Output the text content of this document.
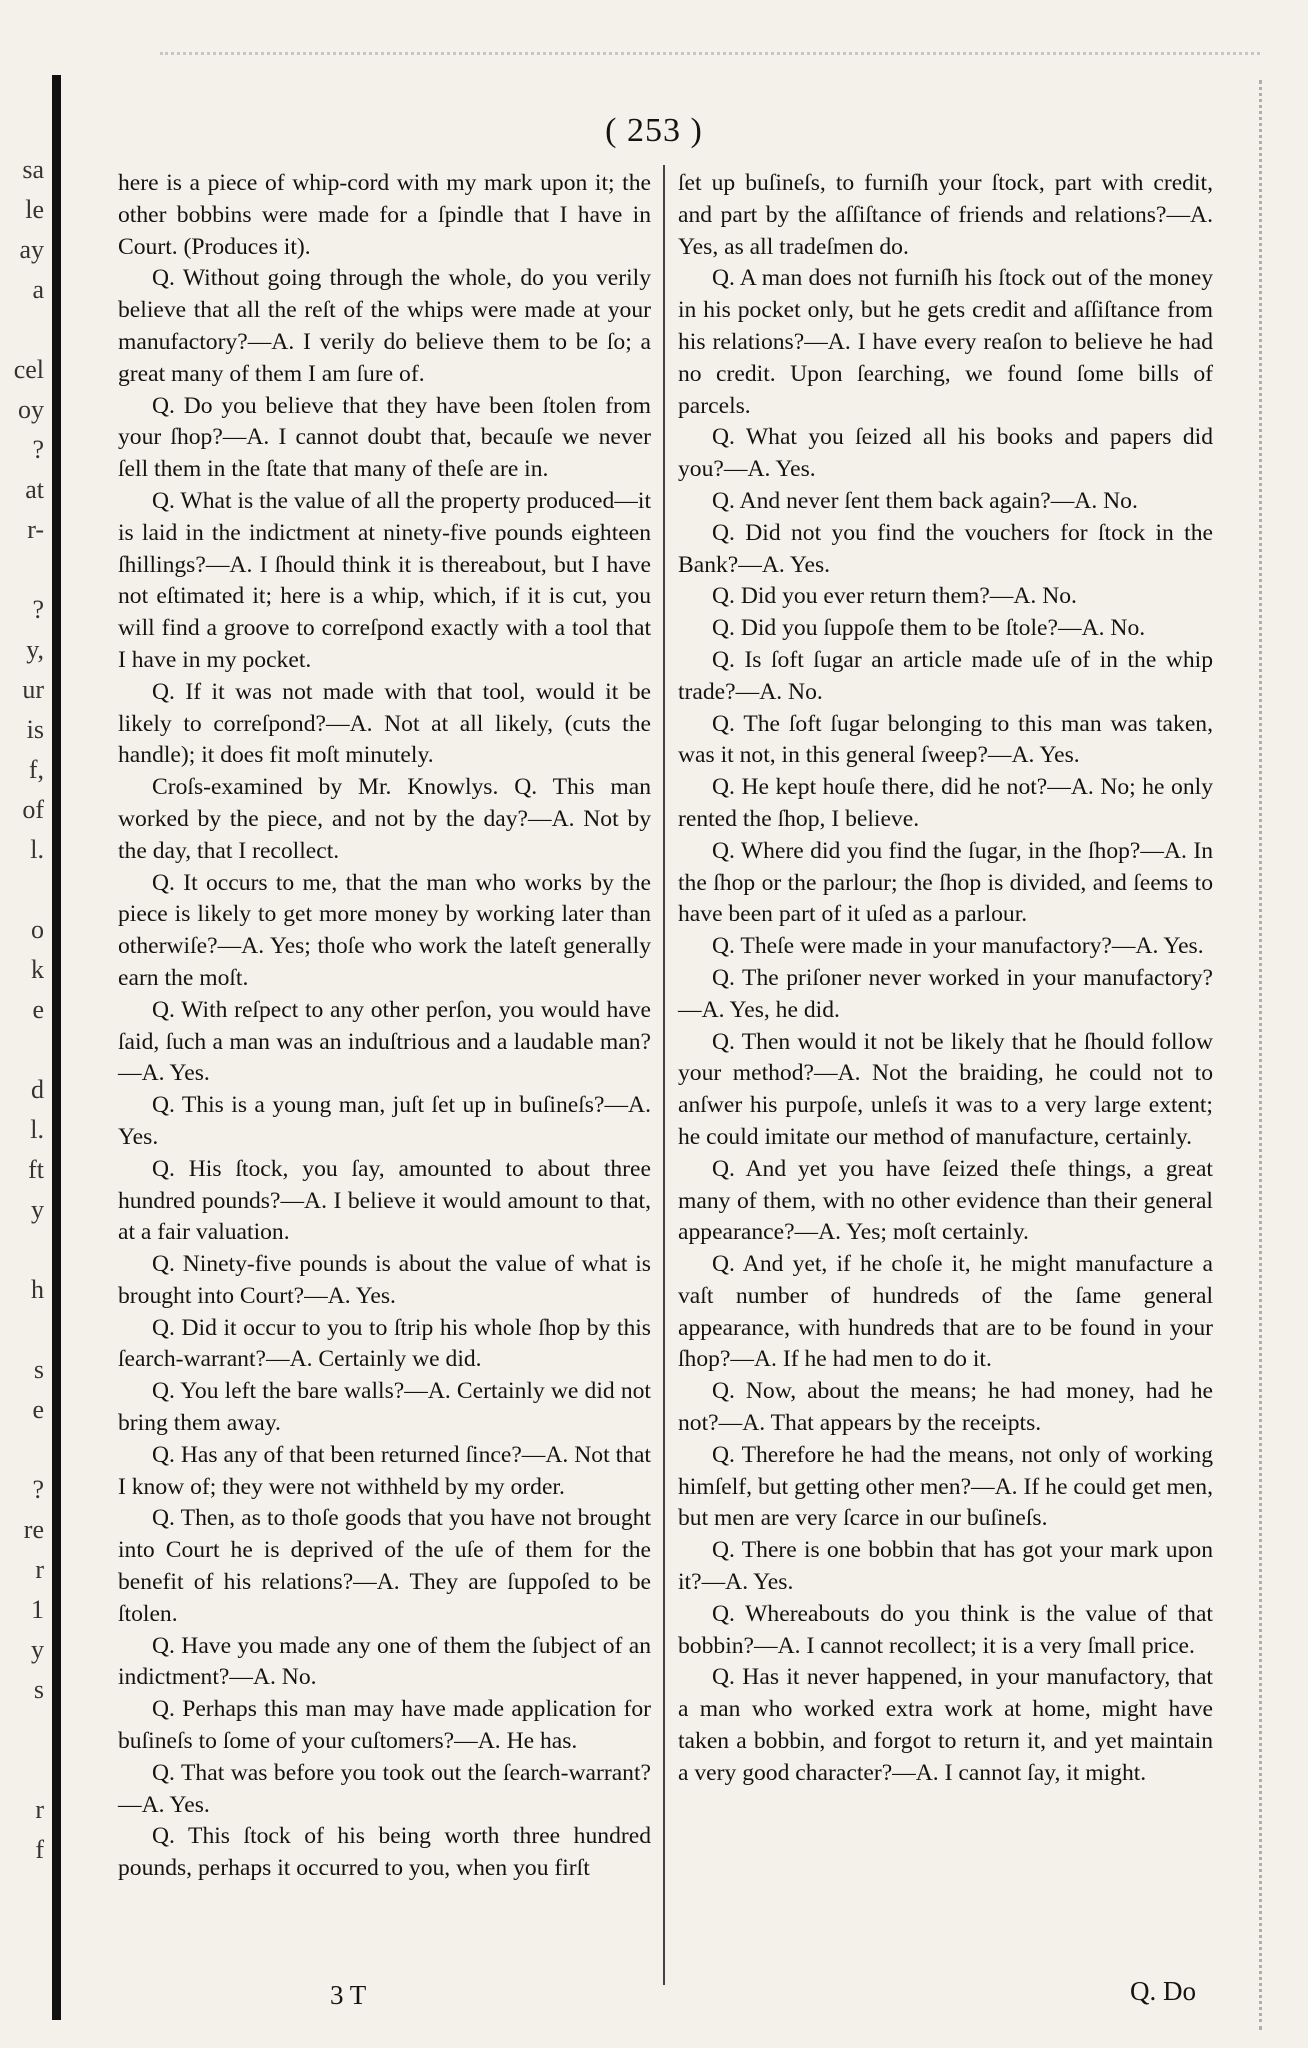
sa
le
ay
a

cel
oy
?
at
r-

?
y,
ur
is
f,
of
l.

o
k
e

d
l.
ft
y

h

s
e

?
re
r
1
y
s

r
f

( 253 )

here is a piece of whip-cord with my mark upon it; the other bobbins were made for a ſpindle that I have in Court. (Produces it).

Q. Without going through the whole, do you verily believe that all the reſt of the whips were made at your manufactory?—A. I verily do believe them to be ſo; a great many of them I am ſure of.

Q. Do you believe that they have been ſtolen from your ſhop?—A. I cannot doubt that, becauſe we never ſell them in the ſtate that many of theſe are in.

Q. What is the value of all the property produced—it is laid in the indictment at ninety-five pounds eighteen ſhillings?—A. I ſhould think it is thereabout, but I have not eſtimated it; here is a whip, which, if it is cut, you will find a groove to correſpond exactly with a tool that I have in my pocket.

Q. If it was not made with that tool, would it be likely to correſpond?—A. Not at all likely, (cuts the handle); it does fit moſt minutely.

Croſs-examined by Mr. Knowlys. Q. This man worked by the piece, and not by the day?—A. Not by the day, that I recollect.

Q. It occurs to me, that the man who works by the piece is likely to get more money by working later than otherwiſe?—A. Yes; thoſe who work the lateſt generally earn the moſt.

Q. With reſpect to any other perſon, you would have ſaid, ſuch a man was an induſtrious and a laudable man?—A. Yes.

Q. This is a young man, juſt ſet up in buſineſs?—A. Yes.

Q. His ſtock, you ſay, amounted to about three hundred pounds?—A. I believe it would amount to that, at a fair valuation.

Q. Ninety-five pounds is about the value of what is brought into Court?—A. Yes.

Q. Did it occur to you to ſtrip his whole ſhop by this ſearch-warrant?—A. Certainly we did.

Q. You left the bare walls?—A. Certainly we did not bring them away.

Q. Has any of that been returned ſince?—A. Not that I know of; they were not withheld by my order.

Q. Then, as to thoſe goods that you have not brought into Court he is deprived of the uſe of them for the benefit of his relations?—A. They are ſuppoſed to be ſtolen.

Q. Have you made any one of them the ſubject of an indictment?—A. No.

Q. Perhaps this man may have made application for buſineſs to ſome of your cuſtomers?—A. He has.

Q. That was before you took out the ſearch-warrant?—A. Yes.

Q. This ſtock of his being worth three hundred pounds, perhaps it occurred to you, when you firſt

ſet up buſineſs, to furniſh your ſtock, part with credit, and part by the aſſiſtance of friends and relations?—A. Yes, as all tradeſmen do.

Q. A man does not furniſh his ſtock out of the money in his pocket only, but he gets credit and aſſiſtance from his relations?—A. I have every reaſon to believe he had no credit. Upon ſearching, we found ſome bills of parcels.

Q. What you ſeized all his books and papers did you?—A. Yes.

Q. And never ſent them back again?—A. No.

Q. Did not you find the vouchers for ſtock in the Bank?—A. Yes.

Q. Did you ever return them?—A. No.

Q. Did you ſuppoſe them to be ſtole?—A. No.

Q. Is ſoft ſugar an article made uſe of in the whip trade?—A. No.

Q. The ſoft ſugar belonging to this man was taken, was it not, in this general ſweep?—A. Yes.

Q. He kept houſe there, did he not?—A. No; he only rented the ſhop, I believe.

Q. Where did you find the ſugar, in the ſhop?—A. In the ſhop or the parlour; the ſhop is divided, and ſeems to have been part of it uſed as a parlour.

Q. Theſe were made in your manufactory?—A. Yes.

Q. The priſoner never worked in your manufactory?—A. Yes, he did.

Q. Then would it not be likely that he ſhould follow your method?—A. Not the braiding, he could not to anſwer his purpoſe, unleſs it was to a very large extent; he could imitate our method of manufacture, certainly.

Q. And yet you have ſeized theſe things, a great many of them, with no other evidence than their general appearance?—A. Yes; moſt certainly.

Q. And yet, if he choſe it, he might manufacture a vaſt number of hundreds of the ſame general appearance, with hundreds that are to be found in your ſhop?—A. If he had men to do it.

Q. Now, about the means; he had money, had he not?—A. That appears by the receipts.

Q. Therefore he had the means, not only of working himſelf, but getting other men?—A. If he could get men, but men are very ſcarce in our buſineſs.

Q. There is one bobbin that has got your mark upon it?—A. Yes.

Q. Whereabouts do you think is the value of that bobbin?—A. I cannot recollect; it is a very ſmall price.

Q. Has it never happened, in your manufactory, that a man who worked extra work at home, might have taken a bobbin, and forgot to return it, and yet maintain a very good character?—A. I cannot ſay, it might.

3 T	Q. Do
